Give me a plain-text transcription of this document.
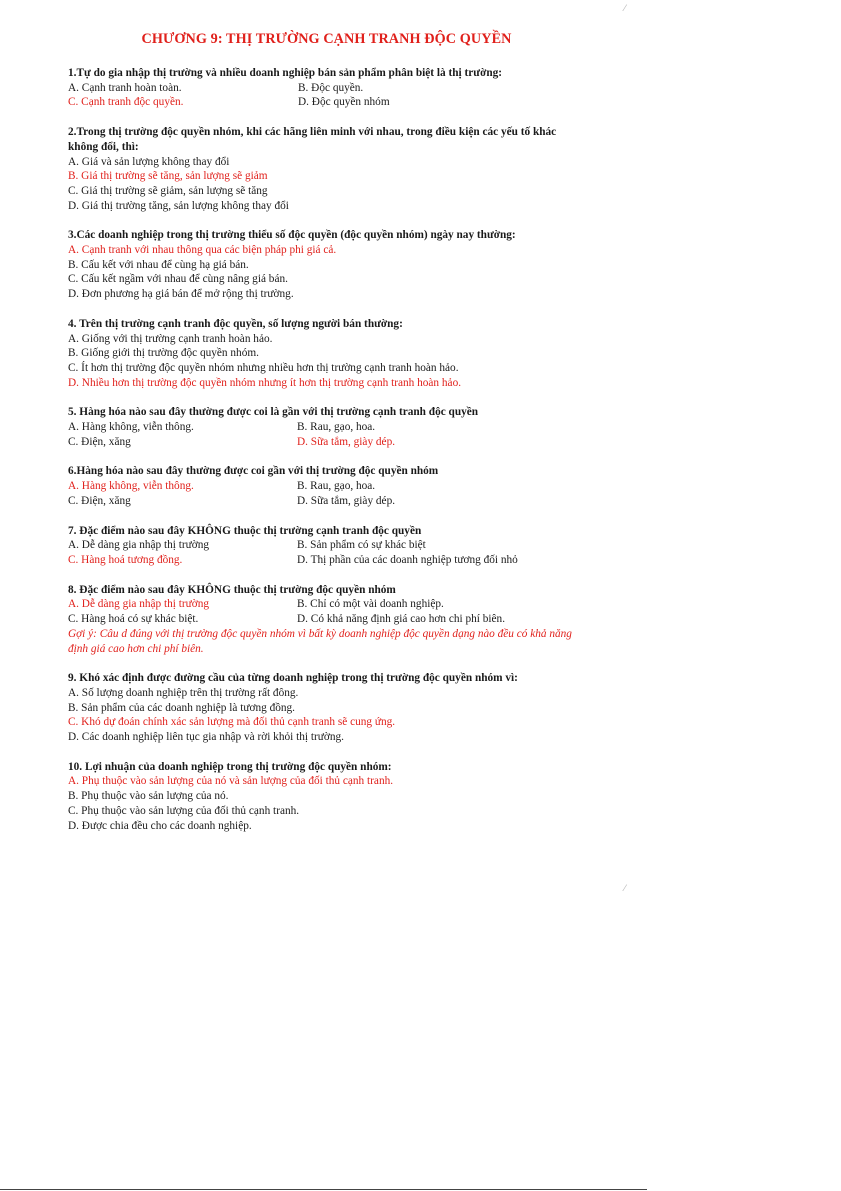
CHƯƠNG 9: THỊ TRƯỜNG CẠNH TRANH ĐỘC QUYỀN
1.Tự do gia nhập thị trường và nhiều doanh nghiệp bán sản phẩm phân biệt là thị trường:
A. Cạnh tranh hoàn toàn.	B. Độc quyền.
C. Cạnh tranh độc quyền.	D. Độc quyền nhóm
2.Trong thị trường độc quyền nhóm, khi các hãng liên minh với nhau, trong điều kiện các yếu tố khác không đổi, thì:
A. Giá và sản lượng không thay đổi
B. Giá thị trường sẽ tăng, sản lượng sẽ giảm
C. Giá thị trường sẽ giảm, sản lượng sẽ tăng
D. Giá thị trường tăng, sản lượng không thay đổi
3.Các doanh nghiệp trong thị trường thiểu số độc quyền (độc quyền nhóm) ngày nay thường:
A. Cạnh tranh với nhau thông qua các biện pháp phi giá cả.
B. Cấu kết với nhau để cùng hạ giá bán.
C. Cấu kết ngầm với nhau để cùng nâng giá bán.
D. Đơn phương hạ giá bán để mở rộng thị trường.
4. Trên thị trường cạnh tranh độc quyền, số lượng người bán thường:
A. Giống với thị trường cạnh tranh hoàn hảo.
B. Giống giới thị trường độc quyền nhóm.
C. Ít hơn thị trường độc quyền nhóm nhưng nhiều hơn thị trường cạnh tranh hoàn hảo.
D. Nhiều hơn thị trường độc quyền nhóm nhưng ít hơn thị trường cạnh tranh hoàn hảo.
5. Hàng hóa nào sau đây thường được coi là gần với thị trường cạnh tranh độc quyền
A. Hàng không, viễn thông.	B. Rau, gạo, hoa.
C. Điện, xăng	D. Sữa tắm, giày dép.
6.Hàng hóa nào sau đây thường được coi gần với thị trường độc quyền nhóm
A. Hàng không, viễn thông.	B. Rau, gạo, hoa.
C. Điện, xăng	D. Sữa tắm, giày dép.
7. Đặc điểm nào sau đây KHÔNG thuộc thị trường cạnh tranh độc quyền
A. Dễ dàng gia nhập thị trường	B. Sản phẩm có sự khác biệt
C. Hàng hoá tương đồng.	D. Thị phần của các doanh nghiệp tương đối nhỏ
8. Đặc điểm nào sau đây KHÔNG thuộc thị trường độc quyền nhóm
A. Dễ dàng gia nhập thị trường	B. Chỉ có một vài doanh nghiệp.
C. Hàng hoá có sự khác biệt.	D. Có khả năng định giá cao hơn chi phí biên.
Gợi ý: Câu d đúng với thị trường độc quyền nhóm vì bất kỳ doanh nghiệp độc quyền dạng nào đều có khả năng định giá cao hơn chi phí biên.
9. Khó xác định được đường cầu của từng doanh nghiệp trong thị trường độc quyền nhóm vì:
A. Số lượng doanh nghiệp trên thị trường rất đông.
B. Sản phẩm của các doanh nghiệp là tương đồng.
C. Khó dự đoán chính xác sản lượng mà đối thủ cạnh tranh sẽ cung ứng.
D. Các doanh nghiệp liên tục gia nhập và rời khỏi thị trường.
10. Lợi nhuận của doanh nghiệp trong thị trường độc quyền nhóm:
A. Phụ thuộc vào sản lượng của nó và sản lượng của đối thủ cạnh tranh.
B. Phụ thuộc vào sản lượng của nó.
C. Phụ thuộc vào sản lượng của đối thủ cạnh tranh.
D. Được chia đều cho các doanh nghiệp.
⁄
⁄
